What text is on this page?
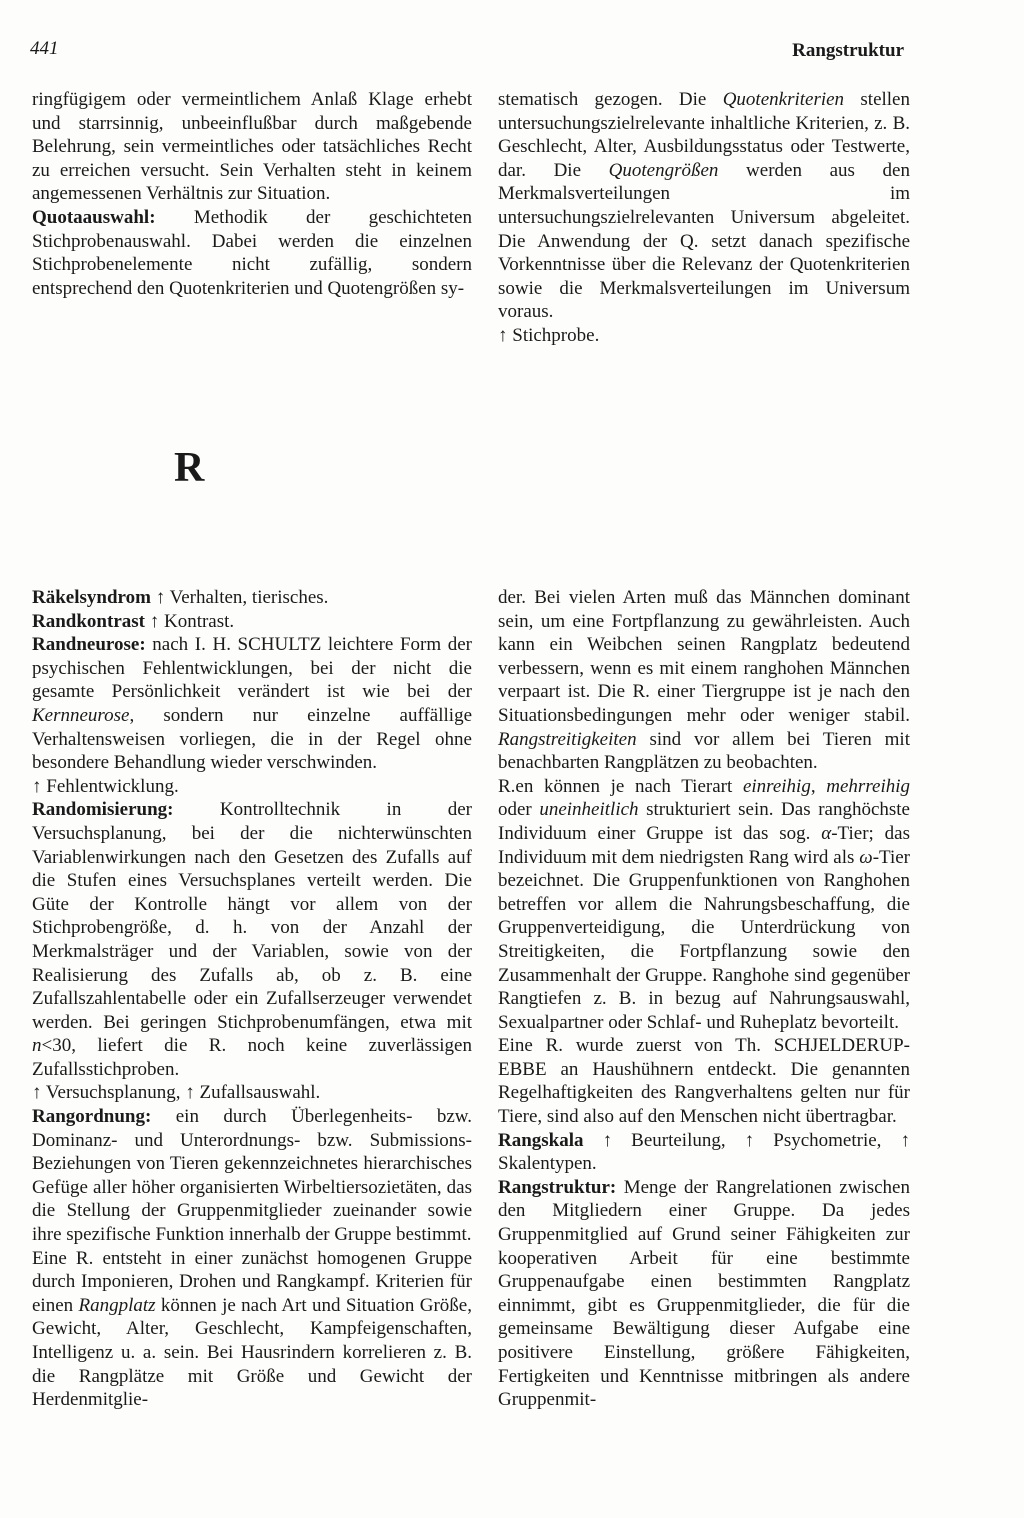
441	Rangstruktur

ringfügigem oder vermeintlichem Anlaß Klage erhebt und starrsinnig, unbeeinflußbar durch maßgebende Belehrung, sein vermeintliches oder tatsächliches Recht zu erreichen versucht. Sein Verhalten steht in keinem angemessenen Verhältnis zur Situation.

Quotaauswahl: Methodik der geschichteten Stichprobenauswahl. Dabei werden die einzelnen Stichprobenelemente nicht zufällig, sondern entsprechend den Quotenkriterien und Quotengrößen sy-

stematisch gezogen. Die Quotenkriterien stellen untersuchungszielrelevante inhaltliche Kriterien, z. B. Geschlecht, Alter, Ausbildungsstatus oder Testwerte, dar. Die Quotengrößen werden aus den Merkmalsverteilungen im untersuchungszielrelevanten Universum abgeleitet. Die Anwendung der Q. setzt danach spezifische Vorkenntnisse über die Relevanz der Quotenkriterien sowie die Merkmalsverteilungen im Universum voraus.

↑ Stichprobe.

R

Räkelsyndrom ↑ Verhalten, tierisches.

Randkontrast ↑ Kontrast.

Randneurose: nach I. H. SCHULTZ leichtere Form der psychischen Fehlentwicklungen, bei der nicht die gesamte Persönlichkeit verändert ist wie bei der Kernneurose, sondern nur einzelne auffällige Verhaltensweisen vorliegen, die in der Regel ohne besondere Behandlung wieder verschwinden.

↑ Fehlentwicklung.

Randomisierung: Kontrolltechnik in der Versuchsplanung, bei der die nichterwünschten Variablenwirkungen nach den Gesetzen des Zufalls auf die Stufen eines Versuchsplanes verteilt werden. Die Güte der Kontrolle hängt vor allem von der Stichprobengröße, d. h. von der Anzahl der Merkmalsträger und der Variablen, sowie von der Realisierung des Zufalls ab, ob z. B. eine Zufallszahlentabelle oder ein Zufallserzeuger verwendet werden. Bei geringen Stichprobenumfängen, etwa mit n<30, liefert die R. noch keine zuverlässigen Zufallsstichproben.

↑ Versuchsplanung, ↑ Zufallsauswahl.

Rangordnung: ein durch Überlegenheits- bzw. Dominanz- und Unterordnungs- bzw. Submissions-Beziehungen von Tieren gekennzeichnetes hierarchisches Gefüge aller höher organisierten Wirbeltiersozietäten, das die Stellung der Gruppenmitglieder zueinander sowie ihre spezifische Funktion innerhalb der Gruppe bestimmt.

Eine R. entsteht in einer zunächst homogenen Gruppe durch Imponieren, Drohen und Rangkampf. Kriterien für einen Rangplatz können je nach Art und Situation Größe, Gewicht, Alter, Geschlecht, Kampfeigenschaften, Intelligenz u. a. sein. Bei Hausrindern korrelieren z. B. die Rangplätze mit Größe und Gewicht der Herdenmitglie-

der. Bei vielen Arten muß das Männchen dominant sein, um eine Fortpflanzung zu gewährleisten. Auch kann ein Weibchen seinen Rangplatz bedeutend verbessern, wenn es mit einem ranghohen Männchen verpaart ist. Die R. einer Tiergruppe ist je nach den Situationsbedingungen mehr oder weniger stabil. Rangstreitigkeiten sind vor allem bei Tieren mit benachbarten Rangplätzen zu beobachten.

R.en können je nach Tierart einreihig, mehrreihig oder uneinheitlich strukturiert sein. Das ranghöchste Individuum einer Gruppe ist das sog. α-Tier; das Individuum mit dem niedrigsten Rang wird als ω-Tier bezeichnet. Die Gruppenfunktionen von Ranghohen betreffen vor allem die Nahrungsbeschaffung, die Gruppenverteidigung, die Unterdrückung von Streitigkeiten, die Fortpflanzung sowie den Zusammenhalt der Gruppe. Ranghohe sind gegenüber Rangtiefen z. B. in bezug auf Nahrungsauswahl, Sexualpartner oder Schlaf- und Ruheplatz bevorteilt.

Eine R. wurde zuerst von Th. SCHJELDERUP-EBBE an Haushühnern entdeckt. Die genannten Regelhaftigkeiten des Rangverhaltens gelten nur für Tiere, sind also auf den Menschen nicht übertragbar.

Rangskala ↑ Beurteilung, ↑ Psychometrie, ↑ Skalentypen.

Rangstruktur: Menge der Rangrelationen zwischen den Mitgliedern einer Gruppe. Da jedes Gruppenmitglied auf Grund seiner Fähigkeiten zur kooperativen Arbeit für eine bestimmte Gruppenaufgabe einen bestimmten Rangplatz einnimmt, gibt es Gruppenmitglieder, die für die gemeinsame Bewältigung dieser Aufgabe eine positivere Einstellung, größere Fähigkeiten, Fertigkeiten und Kenntnisse mitbringen als andere Gruppenmit-
